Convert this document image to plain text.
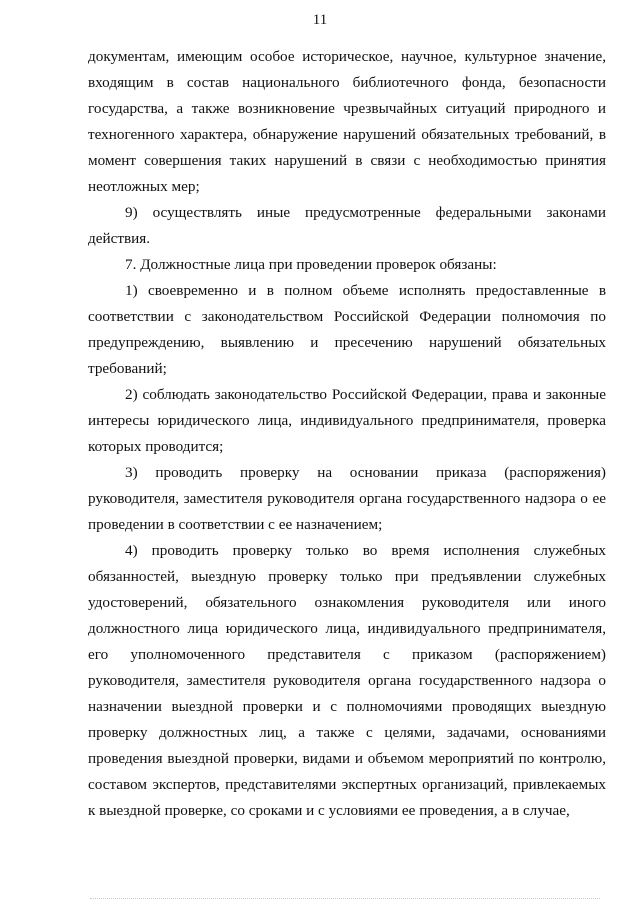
11

документам, имеющим особое историческое, научное, культурное значение, входящим в состав национального библиотечного фонда, безопасности государства, а также возникновение чрезвычайных ситуаций природного и техногенного характера, обнаружение нарушений обязательных требований, в момент совершения таких нарушений в связи с необходимостью принятия неотложных мер;

9) осуществлять иные предусмотренные федеральными законами действия.

7. Должностные лица при проведении проверок обязаны:

1) своевременно и в полном объеме исполнять предоставленные в соответствии с законодательством Российской Федерации полномочия по предупреждению, выявлению и пресечению нарушений обязательных требований;

2) соблюдать законодательство Российской Федерации, права и законные интересы юридического лица, индивидуального предпринимателя, проверка которых проводится;

3) проводить проверку на основании приказа (распоряжения) руководителя, заместителя руководителя органа государственного надзора о ее проведении в соответствии с ее назначением;

4) проводить проверку только во время исполнения служебных обязанностей, выездную проверку только при предъявлении служебных удостоверений, обязательного ознакомления руководителя или иного должностного лица юридического лица, индивидуального предпринимателя, его уполномоченного представителя с приказом (распоряжением) руководителя, заместителя руководителя органа государственного надзора о назначении выездной проверки и с полномочиями проводящих выездную проверку должностных лиц, а также с целями, задачами, основаниями проведения выездной проверки, видами и объемом мероприятий по контролю, составом экспертов, представителями экспертных организаций, привлекаемых к выездной проверке, со сроками и с условиями ее проведения, а в случае,
